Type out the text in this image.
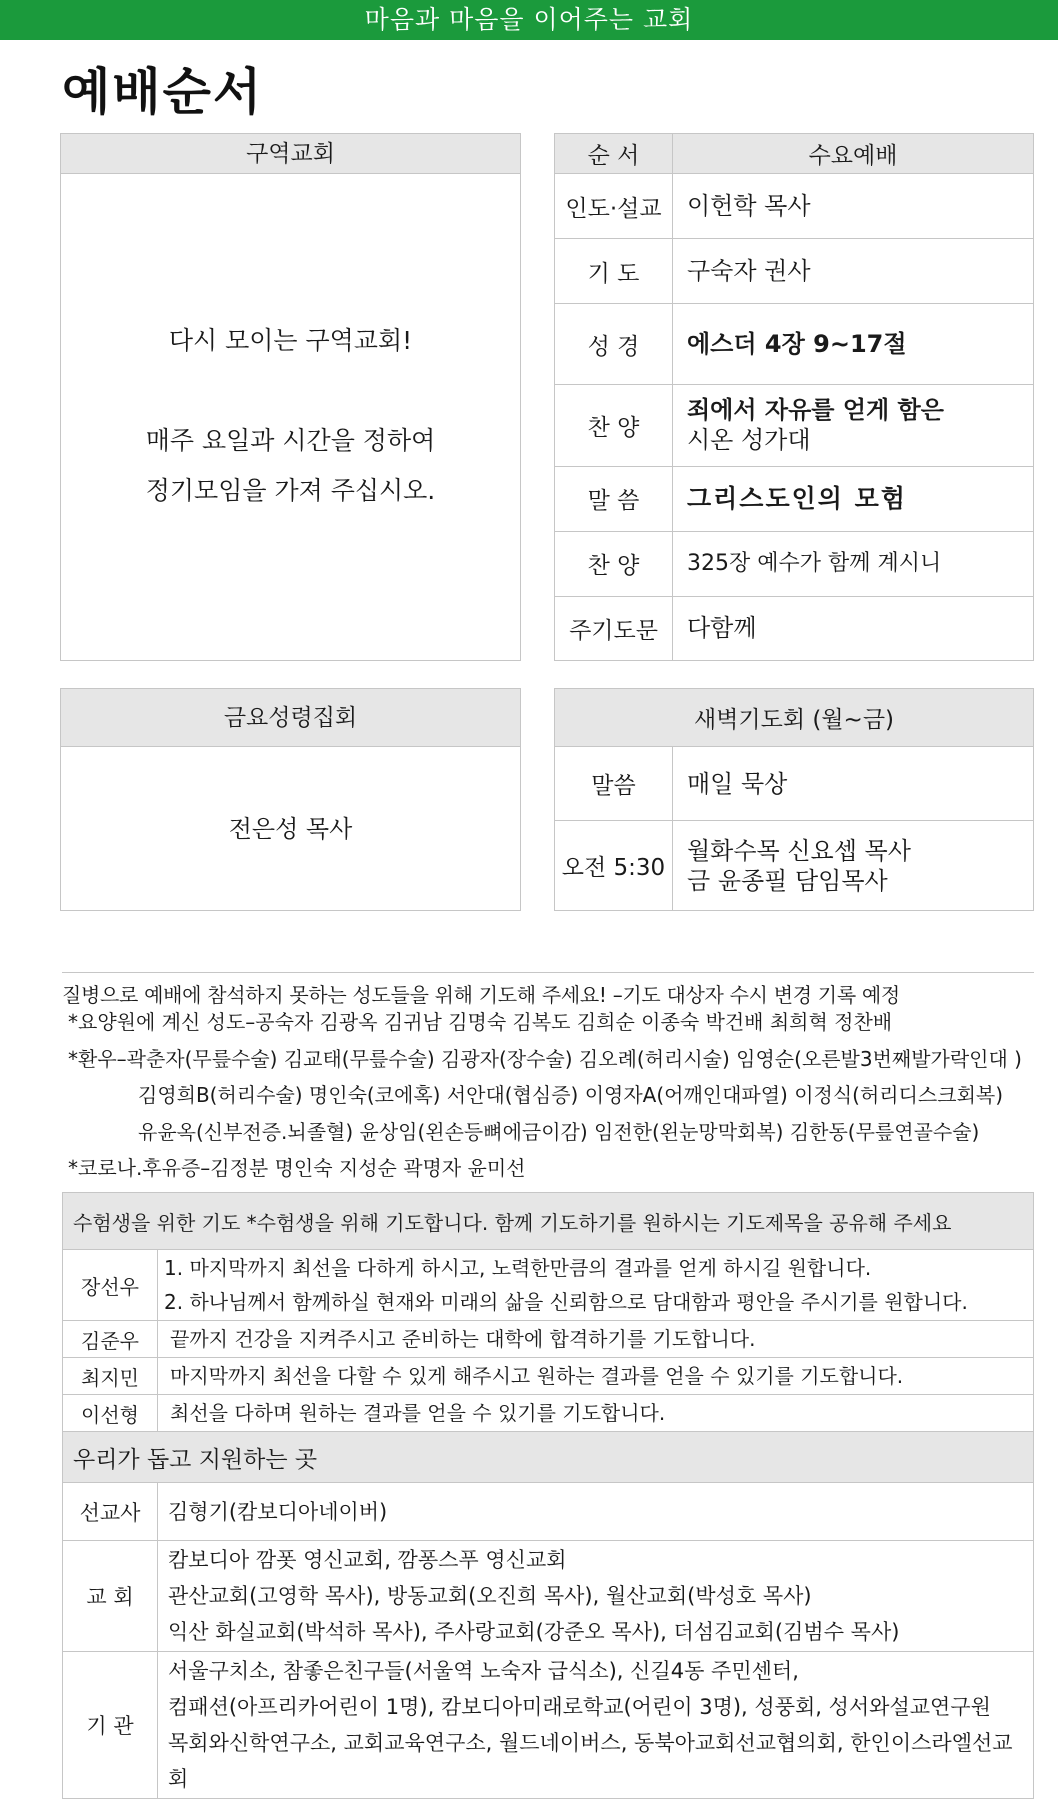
마음과 마음을 이어주는 교회
예배순서
구역교회
다시 모이는 구역교회!
매주 요일과 시간을 정하여
정기모임을 가져 주십시오.
순 서	수요예배
인도·설교	이헌학 목사
기 도	구숙자 권사
성 경	에스더 4장 9~17절
찬 양	죄에서 자유를 얻게 함은
시온 성가대

말 씀	그리스도인의 모험
찬 양	325장 예수가 함께 계시니
주기도문	다함께
금요성령집회
전은성 목사
새벽기도회 (월~금)	
말씀	매일 묵상
오전 5:30	월화수목 신요셉 목사
금 윤종필 담임목사
질병으로 예배에 참석하지 못하는 성도들을 위해 기도해 주세요! –기도 대상자 수시 변경 기록 예정
*요양원에 계신 성도–공숙자 김광옥 김귀남 김명숙 김복도 김희순 이종숙 박건배 최희혁 정찬배
*환우–곽춘자(무릎수술) 김교태(무릎수술) 김광자(장수술) 김오례(허리시술) 임영순(오른발3번째발가락인대 )
김영희B(허리수술) 명인숙(코에혹) 서안대(협심증) 이영자A(어깨인대파열) 이정식(허리디스크회복)
유윤옥(신부전증.뇌졸혈) 윤상임(왼손등뼈에금이감) 임전한(왼눈망막회복) 김한동(무릎연골수술)
*코로나.후유증–김정분 명인숙 지성순 곽명자 윤미선
수험생을 위한 기도 *수험생을 위해 기도합니다. 함께 기도하기를 원하시는 기도제목을 공유해 주세요	
장선우	1. 마지막까지 최선을 다하게 하시고, 노력한만큼의 결과를 얻게 하시길 원합니다.
2. 하나님께서 함께하실 현재와 미래의 삶을 신뢰함으로 담대함과 평안을 주시기를 원합니다.

김준우	끝까지 건강을 지켜주시고 준비하는 대학에 합격하기를 기도합니다.
최지민	마지막까지 최선을 다할 수 있게 해주시고 원하는 결과를 얻을 수 있기를 기도합니다.
이선형	최선을 다하며 원하는 결과를 얻을 수 있기를 기도합니다.
우리가 돕고 지원하는 곳	
선교사	김형기(캄보디아네이버)
교 회	캄보디아 깜폿 영신교회, 깜퐁스푸 영신교회
관산교회(고영학 목사), 방동교회(오진희 목사), 월산교회(박성호 목사)
익산 화실교회(박석하 목사), 주사랑교회(강준오 목사), 더섬김교회(김범수 목사)

기 관	서울구치소, 참좋은친구들(서울역 노숙자 급식소), 신길4동 주민센터,
컴패션(아프리카어린이 1명), 캄보디아미래로학교(어린이 3명), 성풍회, 성서와설교연구원
목회와신학연구소, 교회교육연구소, 월드네이버스, 동북아교회선교협의회, 한인이스라엘선교회
